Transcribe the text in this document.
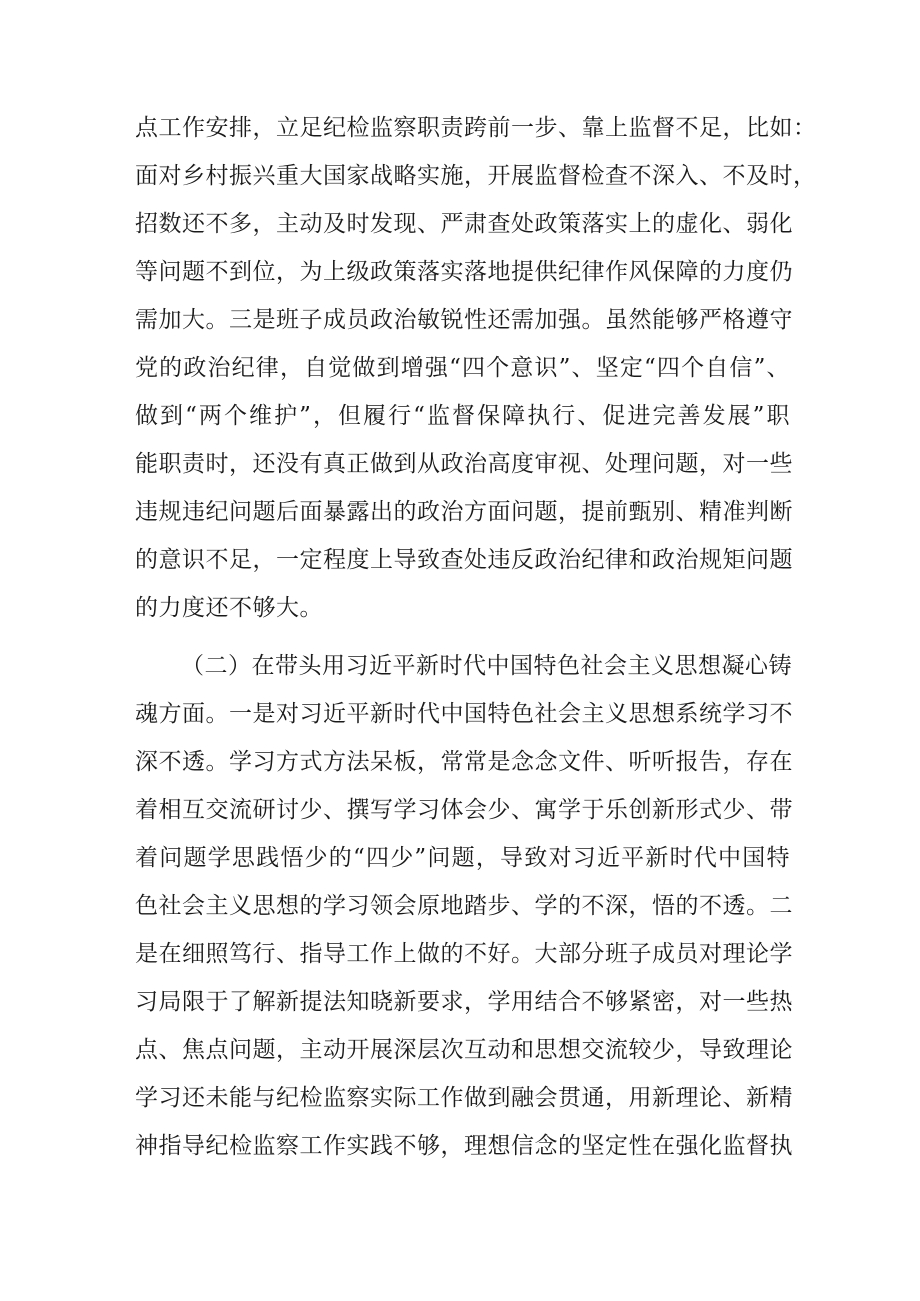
点工作安排，立足纪检监察职责跨前一步、靠上监督不足，比如：
面对乡村振兴重大国家战略实施，开展监督检查不深入、不及时，
招数还不多，主动及时发现、严肃查处政策落实上的虚化、弱化
等问题不到位，为上级政策落实落地提供纪律作风保障的力度仍
需加大。三是班子成员政治敏锐性还需加强。虽然能够严格遵守
党的政治纪律，自觉做到增强“四个意识”、坚定“四个自信”、
做到“两个维护”，但履行“监督保障执行、促进完善发展”职
能职责时，还没有真正做到从政治高度审视、处理问题，对一些
违规违纪问题后面暴露出的政治方面问题，提前甄别、精准判断
的意识不足，一定程度上导致查处违反政治纪律和政治规矩问题
的力度还不够大。
（二）在带头用习近平新时代中国特色社会主义思想凝心铸
魂方面。一是对习近平新时代中国特色社会主义思想系统学习不
深不透。学习方式方法呆板，常常是念念文件、听听报告，存在
着相互交流研讨少、撰写学习体会少、寓学于乐创新形式少、带
着问题学思践悟少的“四少”问题，导致对习近平新时代中国特
色社会主义思想的学习领会原地踏步、学的不深，悟的不透。二
是在细照笃行、指导工作上做的不好。大部分班子成员对理论学
习局限于了解新提法知晓新要求，学用结合不够紧密，对一些热
点、焦点问题，主动开展深层次互动和思想交流较少，导致理论
学习还未能与纪检监察实际工作做到融会贯通，用新理论、新精
神指导纪检监察工作实践不够，理想信念的坚定性在强化监督执
